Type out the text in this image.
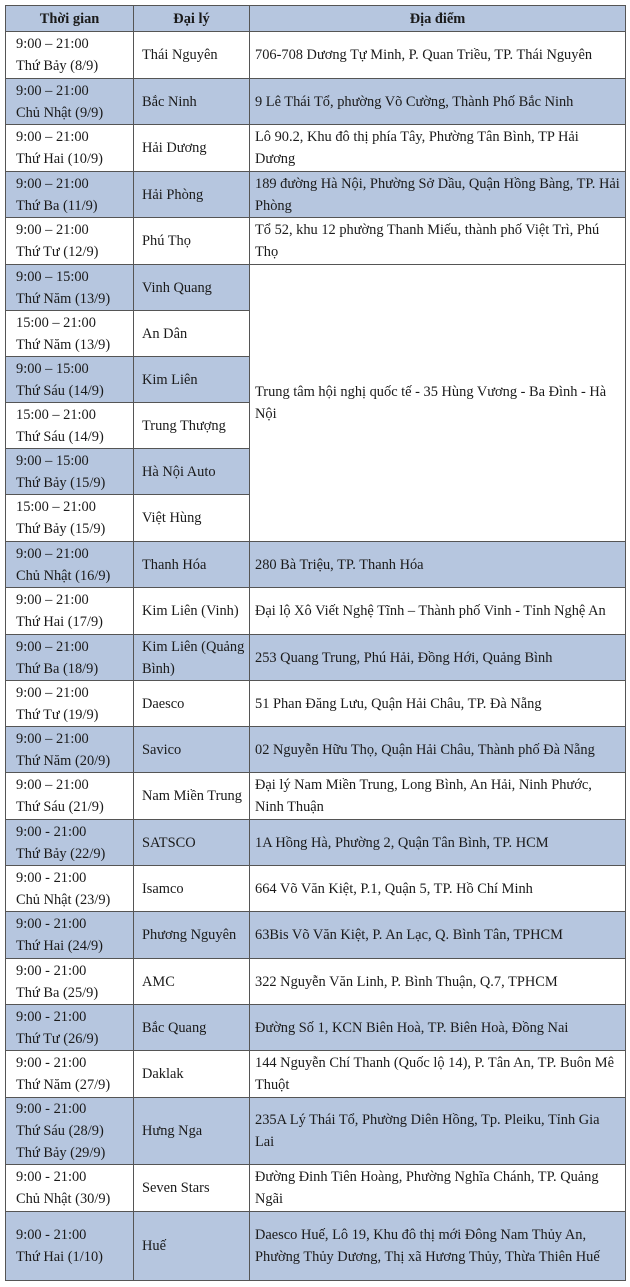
Thời gian	Đại lý	Địa điểm

9:00 – 21:00
Thứ Bảy (8/9)	Thái Nguyên	706-708 Dương Tự Minh, P. Quan Triều, TP. Thái Nguyên

9:00 – 21:00
Chủ Nhật (9/9)	Bắc Ninh	9 Lê Thái Tổ, phường Võ Cường, Thành Phố Bắc Ninh

9:00 – 21:00
Thứ Hai (10/9)	Hải Dương	Lô 90.2, Khu đô thị phía Tây, Phường Tân Bình, TP Hải Dương

9:00 – 21:00
Thứ Ba (11/9)	Hải Phòng	189 đường Hà Nội, Phường Sở Dầu, Quận Hồng Bàng, TP. Hải Phòng

9:00 – 21:00
Thứ Tư (12/9)	Phú Thọ	Tổ 52, khu 12 phường Thanh Miếu, thành phố Việt Trì, Phú Thọ

9:00 – 15:00
Thứ Năm (13/9)	Vinh Quang	Trung tâm hội nghị quốc tế - 35 Hùng Vương - Ba Đình - Hà Nội

15:00 – 21:00
Thứ Năm (13/9)	An Dân	

9:00 – 15:00
Thứ Sáu (14/9)	Kim Liên	

15:00 – 21:00
Thứ Sáu (14/9)	Trung Thượng	

9:00 – 15:00
Thứ Bảy (15/9)	Hà Nội Auto	

15:00 – 21:00
Thứ Bảy (15/9)	Việt Hùng	

9:00 – 21:00
Chủ Nhật (16/9)	Thanh Hóa	280 Bà Triệu, TP. Thanh Hóa

9:00 – 21:00
Thứ Hai (17/9)	Kim Liên (Vinh)	Đại lộ Xô Viết Nghệ Tĩnh – Thành phố Vinh - Tỉnh Nghệ An

9:00 – 21:00
Thứ Ba (18/9)	Kim Liên (Quảng Bình)	253 Quang Trung, Phú Hải, Đồng Hới, Quảng Bình

9:00 – 21:00
Thứ Tư (19/9)	Daesco	51 Phan Đăng Lưu, Quận Hải Châu, TP. Đà Nẵng

9:00 – 21:00
Thứ Năm (20/9)	Savico	02 Nguyễn Hữu Thọ, Quận Hải Châu, Thành phố Đà Nẵng

9:00 – 21:00
Thứ Sáu (21/9)	Nam Miền Trung	Đại lý Nam Miền Trung, Long Bình, An Hải, Ninh Phước, Ninh Thuận

9:00 - 21:00
Thứ Bảy (22/9)	SATSCO	1A Hồng Hà, Phường 2, Quận Tân Bình, TP. HCM

9:00 - 21:00
Chủ Nhật (23/9)	Isamco	664 Võ Văn Kiệt, P.1, Quận 5, TP. Hồ Chí Minh

9:00 - 21:00
Thứ Hai (24/9)	Phương Nguyên	63Bis Võ Văn Kiệt, P. An Lạc, Q. Bình Tân, TPHCM

9:00 - 21:00
Thứ Ba (25/9)	AMC	322 Nguyễn Văn Linh, P. Bình Thuận, Q.7, TPHCM

9:00 - 21:00
Thứ Tư (26/9)	Bắc Quang	Đường Số 1, KCN Biên Hoà, TP. Biên Hoà, Đồng Nai

9:00 - 21:00
Thứ Năm (27/9)	Daklak	144 Nguyễn Chí Thanh (Quốc lộ 14), P. Tân An, TP. Buôn Mê Thuột

9:00 - 21:00
Thứ Sáu (28/9)
Thứ Bảy (29/9)	Hưng Nga	235A Lý Thái Tổ, Phường Diên Hồng, Tp. Pleiku, Tỉnh Gia Lai

9:00 - 21:00
Chủ Nhật (30/9)	Seven Stars	Đường Đinh Tiên Hoàng, Phường Nghĩa Chánh, TP. Quảng Ngãi

9:00 - 21:00
Thứ Hai (1/10)	Huế	Daesco Huế, Lô 19, Khu đô thị mới Đông Nam Thủy An, Phường Thủy Dương, Thị xã Hương Thủy, Thừa Thiên Huế
